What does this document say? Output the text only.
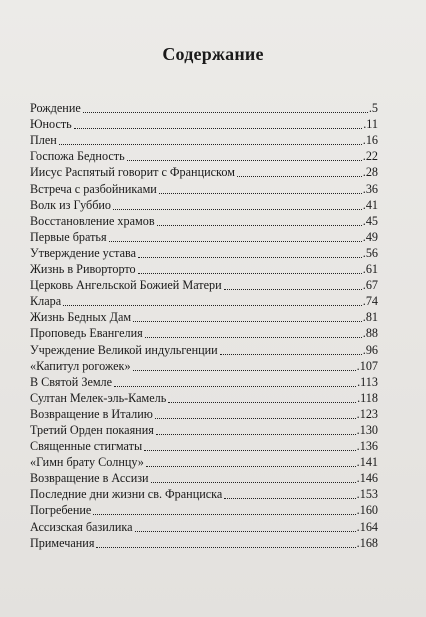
Содержание
Рождение	.5
Юность	.11
Плен	.16
Госпожа Бедность	.22
Иисус Распятый говорит с Франциском	.28
Встреча с разбойниками	.36
Волк из Губбио	.41
Восстановление храмов	.45
Первые братья	.49
Утверждение устава	.56
Жизнь в Риворторто	.61
Церковь Ангельской Божией Матери	.67
Клара	.74
Жизнь Бедных Дам	.81
Проповедь Евангелия	.88
Учреждение Великой индульгенции	.96
«Капитул рогожек»	.107
В Святой Земле	.113
Султан Мелек-эль-Камель	.118
Возвращение в Италию	.123
Третий Орден покаяния	.130
Священные стигматы	.136
«Гимн брату Солнцу»	.141
Возвращение в Ассизи	.146
Последние дни жизни св. Франциска	.153
Погребение	.160
Ассизская базилика	.164
Примечания	.168
